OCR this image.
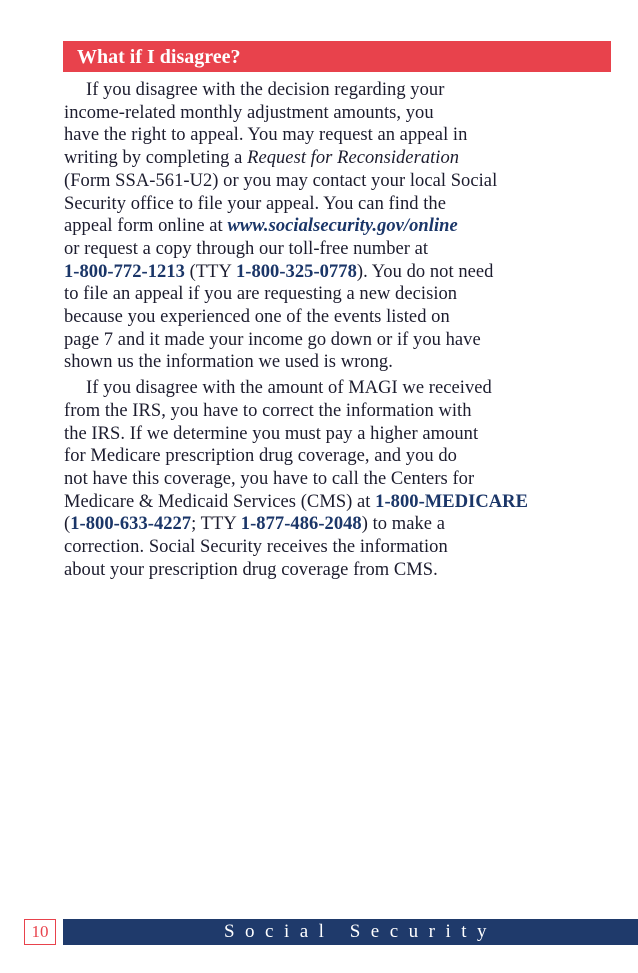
What if I disagree?

If you disagree with the decision regarding your
income-related monthly adjustment amounts, you
have the right to appeal. You may request an appeal in
writing by completing a Request for Reconsideration
(Form SSA-561-U2) or you may contact your local Social
Security office to file your appeal. You can find the
appeal form online at www.socialsecurity.gov/online
or request a copy through our toll-free number at
1-800-772-1213 (TTY 1-800-325-0778). You do not need
to file an appeal if you are requesting a new decision
because you experienced one of the events listed on
page 7 and it made your income go down or if you have
shown us the information we used is wrong.

If you disagree with the amount of MAGI we received
from the IRS, you have to correct the information with
the IRS. If we determine you must pay a higher amount
for Medicare prescription drug coverage, and you do
not have this coverage, you have to call the Centers for
Medicare & Medicaid Services (CMS) at 1-800-MEDICARE
(1-800-633-4227; TTY 1-877-486-2048) to make a
correction. Social Security receives the information
about your prescription drug coverage from CMS.

10	Social Security
